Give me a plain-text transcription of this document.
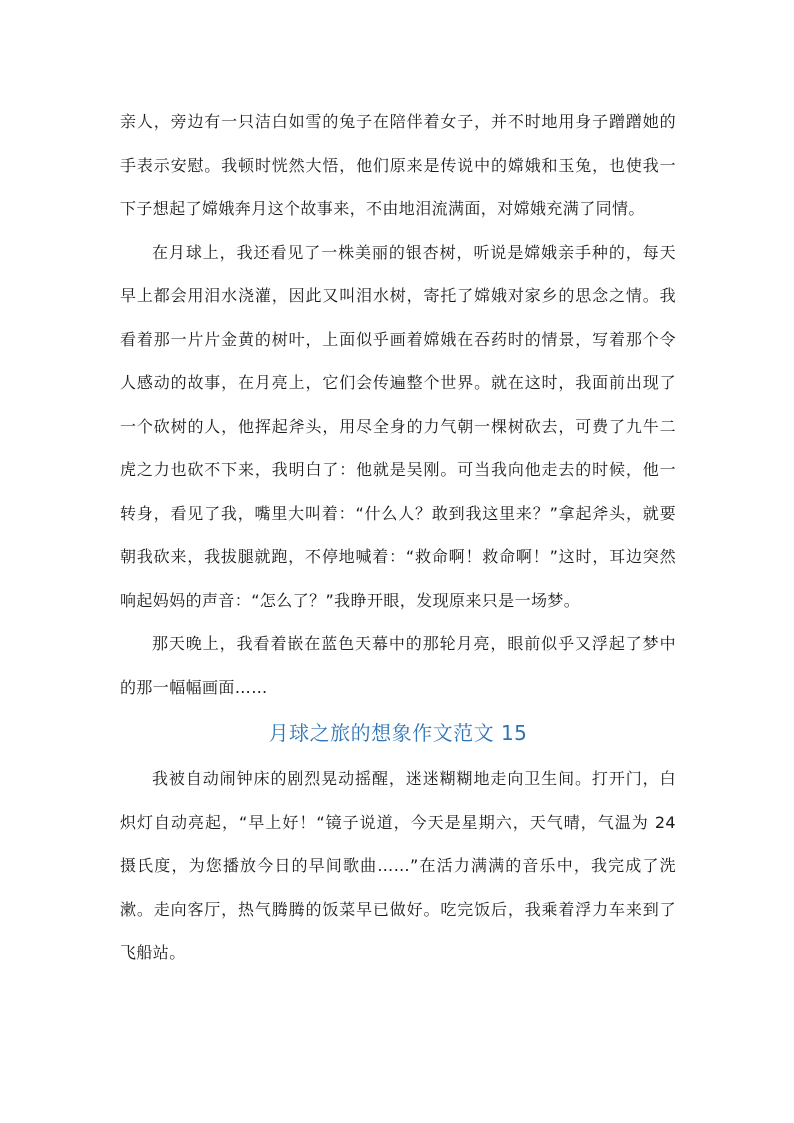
亲人，旁边有一只洁白如雪的兔子在陪伴着女子，并不时地用身子蹭蹭她的手表示安慰。我顿时恍然大悟，他们原来是传说中的嫦娥和玉兔，也使我一下子想起了嫦娥奔月这个故事来，不由地泪流满面，对嫦娥充满了同情。

在月球上，我还看见了一株美丽的银杏树，听说是嫦娥亲手种的，每天早上都会用泪水浇灌，因此又叫泪水树，寄托了嫦娥对家乡的思念之情。我看着那一片片金黄的树叶，上面似乎画着嫦娥在吞药时的情景，写着那个令人感动的故事，在月亮上，它们会传遍整个世界。就在这时，我面前出现了一个砍树的人，他挥起斧头，用尽全身的力气朝一棵树砍去，可费了九牛二虎之力也砍不下来，我明白了：他就是吴刚。可当我向他走去的时候，他一转身，看见了我，嘴里大叫着：“什么人？敢到我这里来？”拿起斧头，就要朝我砍来，我拔腿就跑，不停地喊着：“救命啊！救命啊！”这时，耳边突然响起妈妈的声音：“怎么了？”我睁开眼，发现原来只是一场梦。

那天晚上，我看着嵌在蓝色天幕中的那轮月亮，眼前似乎又浮起了梦中的那一幅幅画面……

月球之旅的想象作文范文 15

我被自动闹钟床的剧烈晃动摇醒，迷迷糊糊地走向卫生间。打开门，白炽灯自动亮起，“早上好！“镜子说道，今天是星期六，天气晴，气温为 24 摄氏度，为您播放今日的早间歌曲……”在活力满满的音乐中，我完成了洗漱。走向客厅，热气腾腾的饭菜早已做好。吃完饭后，我乘着浮力车来到了飞船站。
